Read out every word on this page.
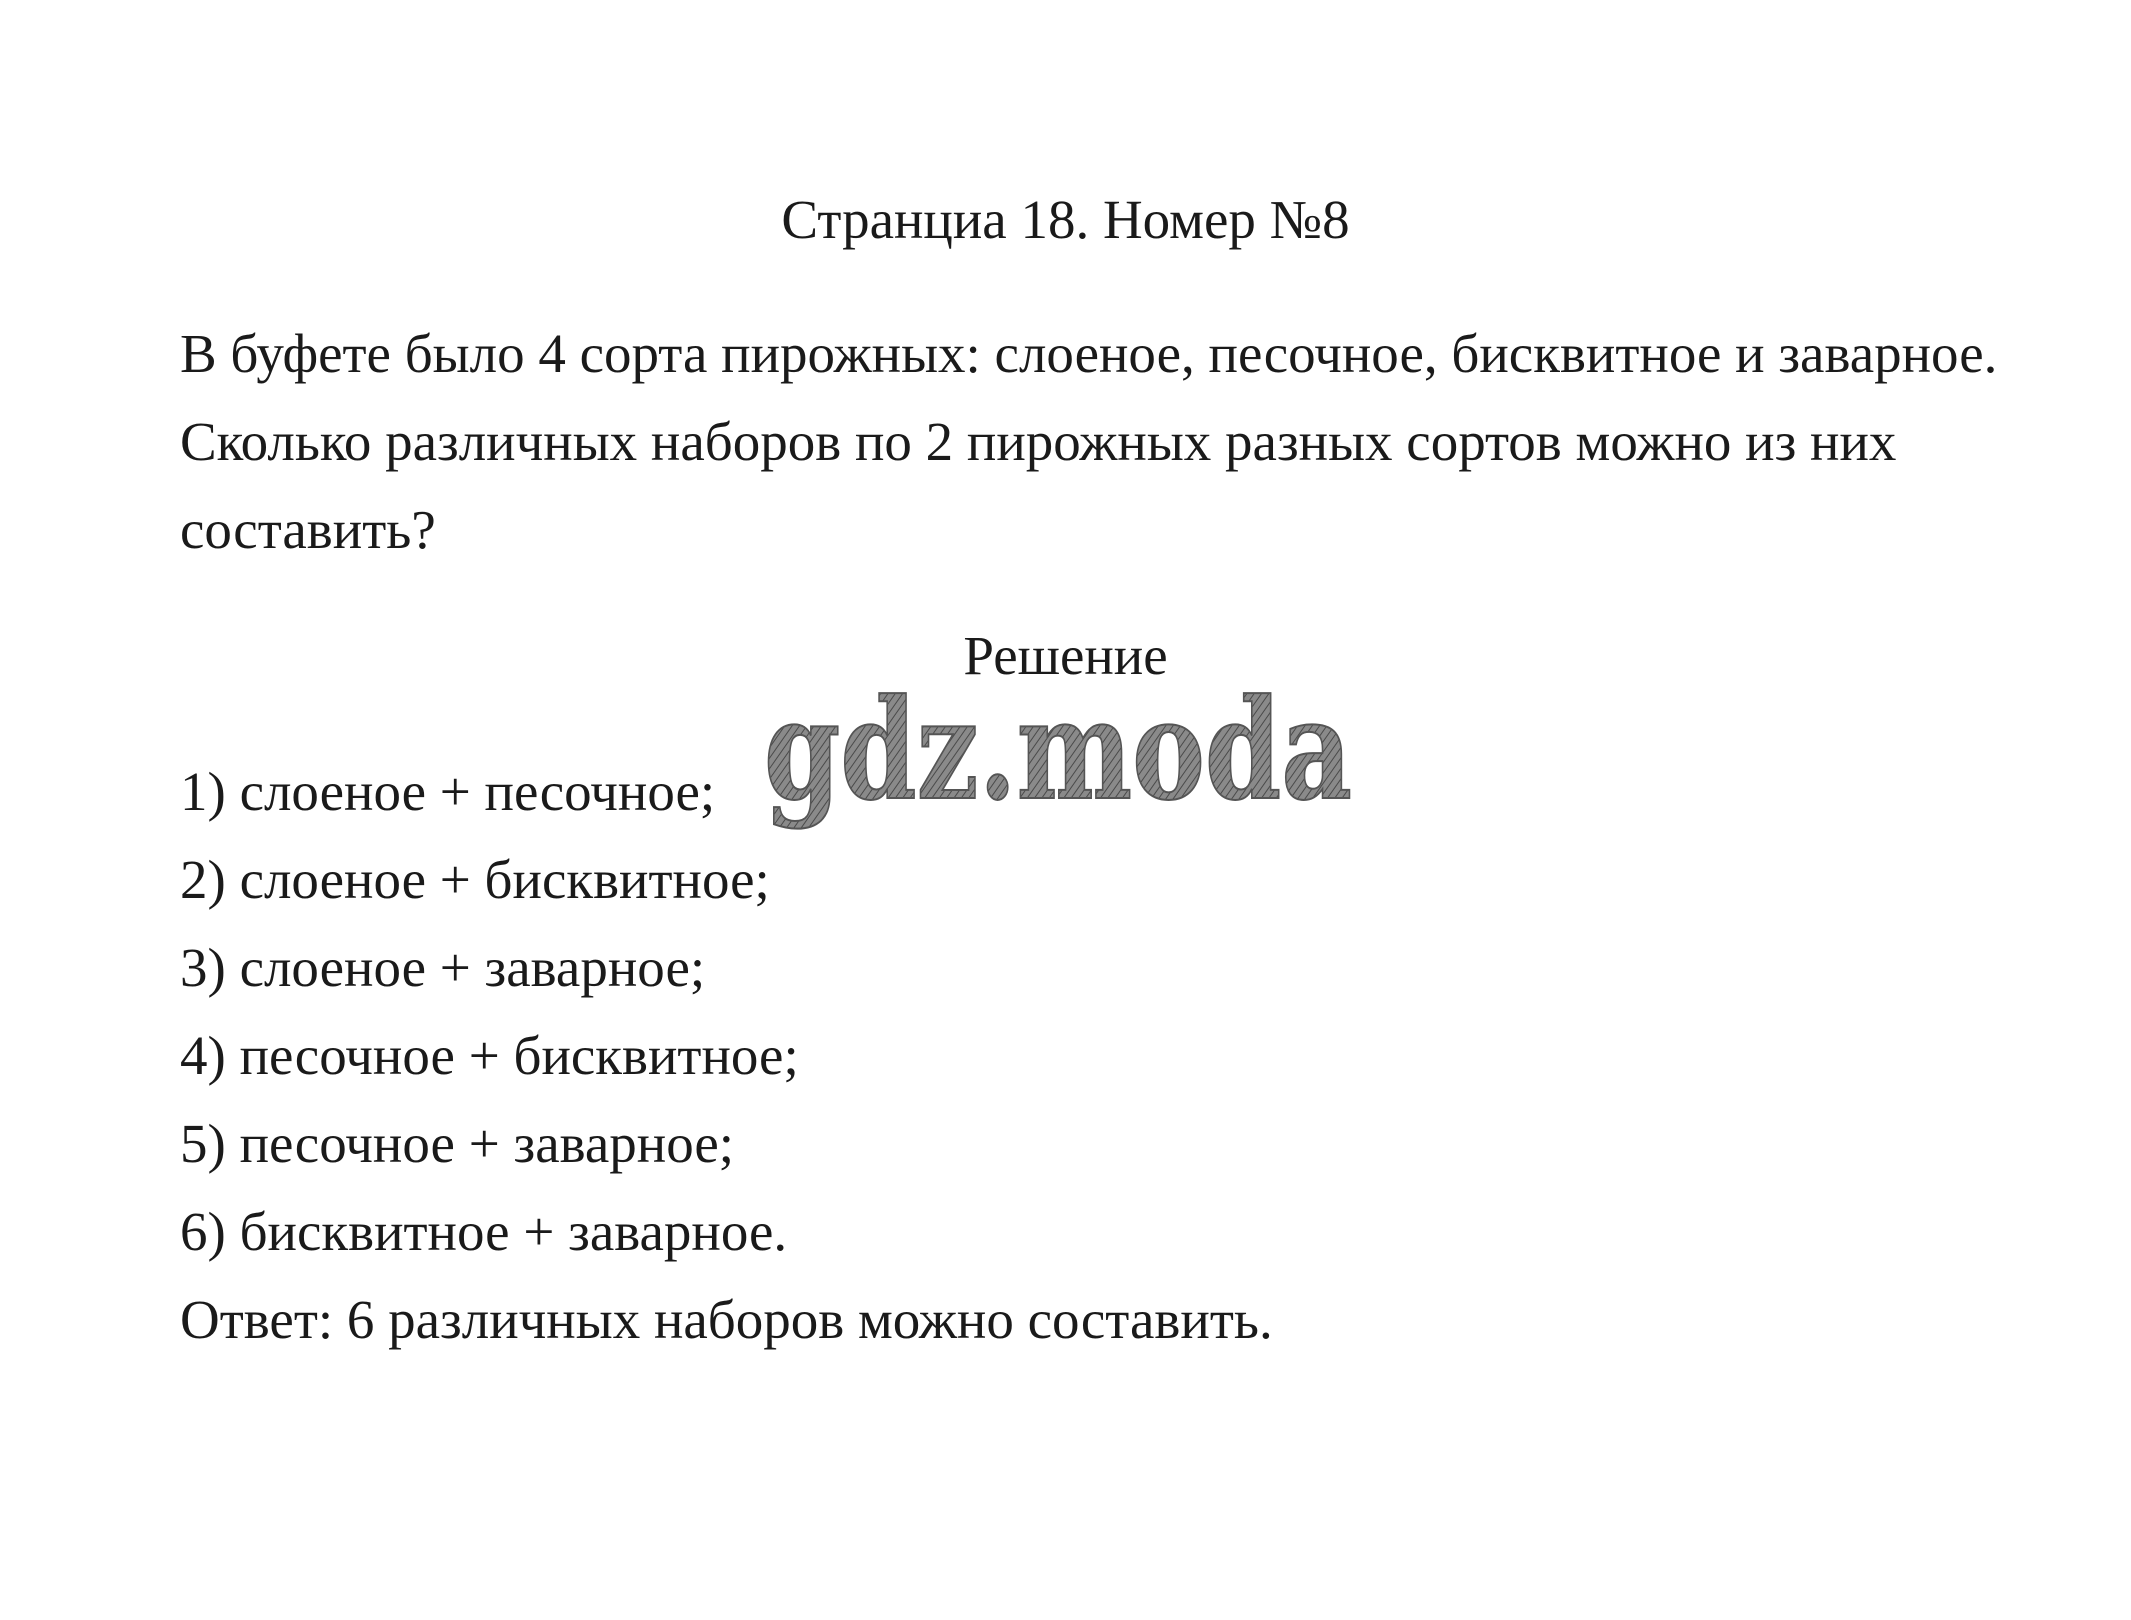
Странциа 18. Номер №8

В буфете было 4 сорта пирожных: слоеное, песочное, бисквитное и заварное. Сколько различных наборов по 2 пирожных разных сортов можно из них составить?

Решение
1) слоеное + песочное;
2) слоеное + бисквитное;
3) слоеное + заварное;
4) песочное + бисквитное;
5) песочное + заварное;
6) бисквитное + заварное.

Ответ: 6 различных наборов можно составить.

gdz.moda
